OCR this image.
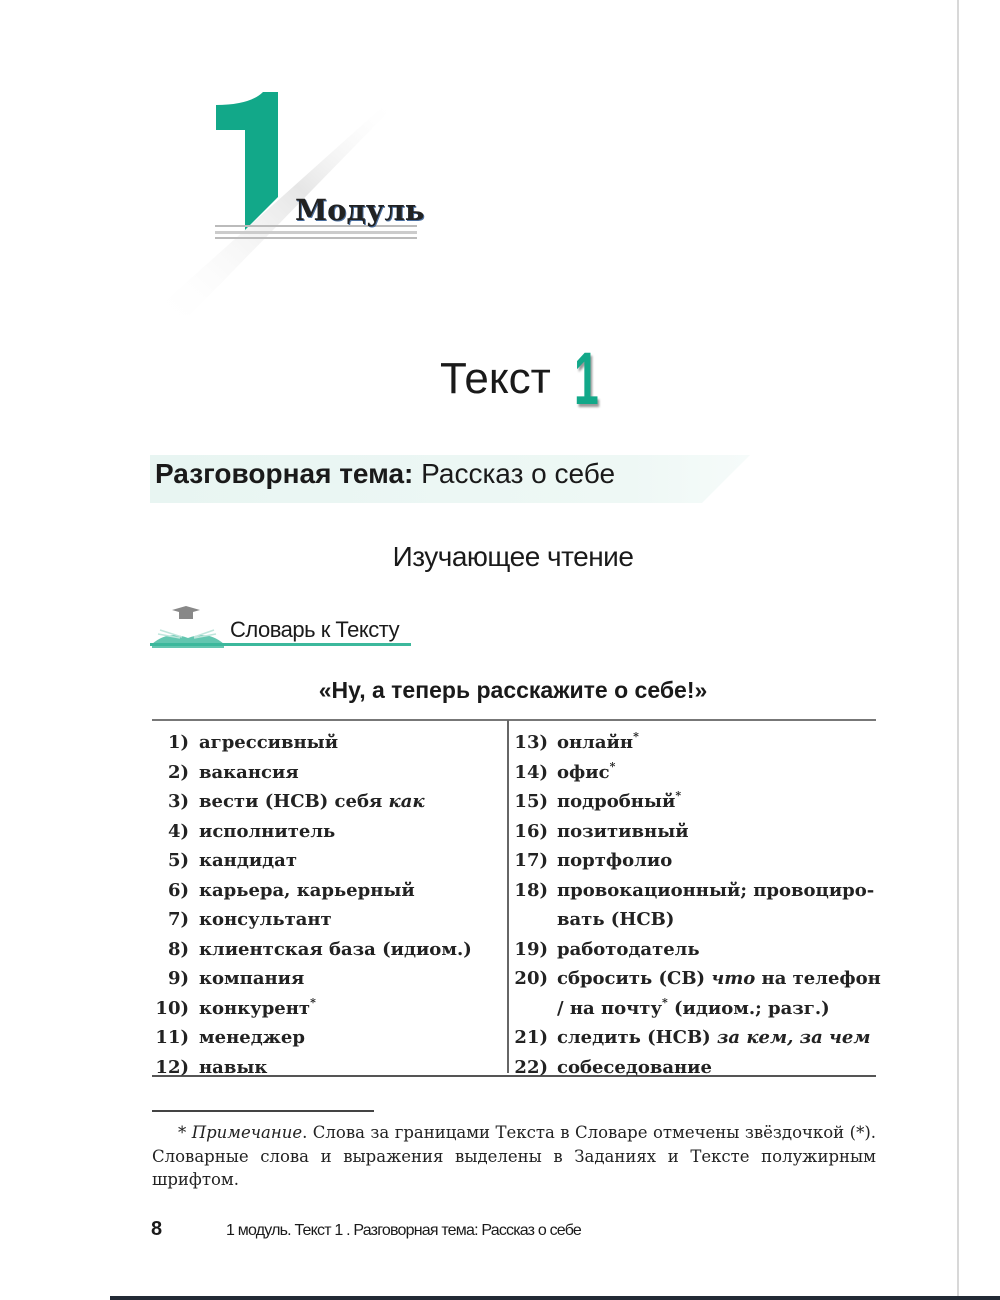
Модуль
Текст 1
Разговорная тема: Рассказ о себе
Изучающее чтение
Словарь к Тексту
«Ну, а теперь расскажите о себе!»
1) агрессивный
2) вакансия
3) вести (НСВ) себя как
4) исполнитель
5) кандидат
6) карьера, карьерный
7) консультант
8) клиентская база (идиом.)
9) компания
10) конкурент*
11) менеджер
12) навык
13) онлайн*
14) офис*
15) подробный*
16) позитивный
17) портфолио
18) провокационный; провоциро-
вать (НСВ)
19) работодатель
20) сбросить (СВ) что на телефон
/ на почту* (идиом.; разг.)
21) следить (НСВ) за кем, за чем
22) собеседование
* Примечание. Слова за границами Текста в Словаре отмечены звёздочкой (*). Словарные слова и выражения выделены в Заданиях и Тексте полужирным шрифтом.
8	1 модуль. Текст 1 . Разговорная тема: Рассказ о себе
